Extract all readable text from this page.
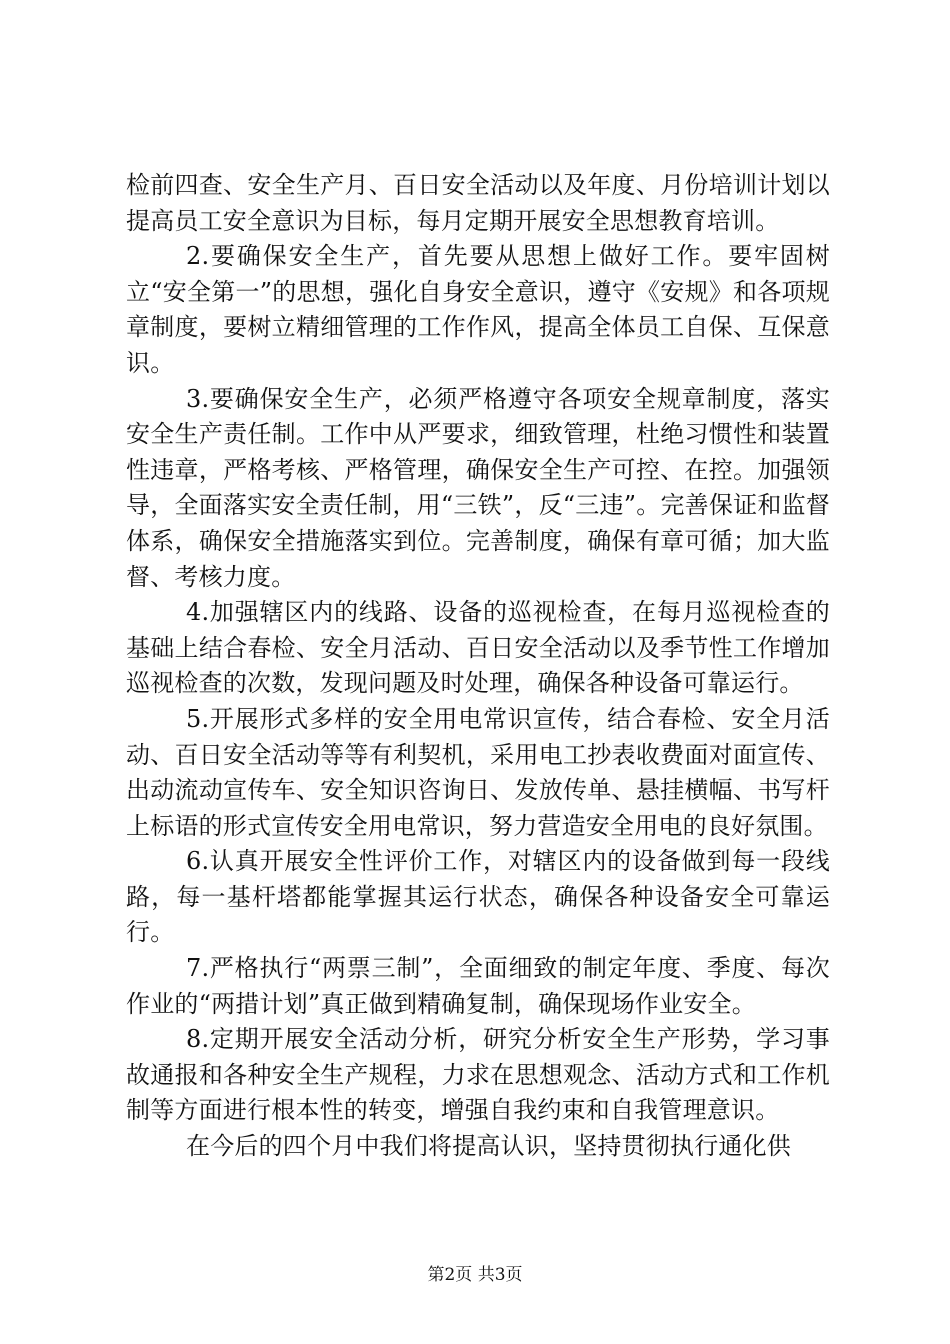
检前四查、安全生产月、百日安全活动以及年度、月份培训计划以提高员工安全意识为目标，每月定期开展安全思想教育培训。

2.要确保安全生产，首先要从思想上做好工作。要牢固树立“安全第一”的思想，强化自身安全意识，遵守《安规》和各项规章制度，要树立精细管理的工作作风，提高全体员工自保、互保意识。

3.要确保安全生产，必须严格遵守各项安全规章制度，落实安全生产责任制。工作中从严要求，细致管理，杜绝习惯性和装置性违章，严格考核、严格管理，确保安全生产可控、在控。加强领导，全面落实安全责任制，用“三铁”，反“三违”。完善保证和监督体系，确保安全措施落实到位。完善制度，确保有章可循；加大监督、考核力度。

4.加强辖区内的线路、设备的巡视检查，在每月巡视检查的基础上结合春检、安全月活动、百日安全活动以及季节性工作增加巡视检查的次数，发现问题及时处理，确保各种设备可靠运行。

5.开展形式多样的安全用电常识宣传，结合春检、安全月活动、百日安全活动等等有利契机，采用电工抄表收费面对面宣传、出动流动宣传车、安全知识咨询日、发放传单、悬挂横幅、书写杆上标语的形式宣传安全用电常识，努力营造安全用电的良好氛围。

6.认真开展安全性评价工作，对辖区内的设备做到每一段线路，每一基杆塔都能掌握其运行状态，确保各种设备安全可靠运行。

7.严格执行“两票三制”，全面细致的制定年度、季度、每次作业的“两措计划”真正做到精确复制，确保现场作业安全。

8.定期开展安全活动分析，研究分析安全生产形势，学习事故通报和各种安全生产规程，力求在思想观念、活动方式和工作机制等方面进行根本性的转变，增强自我约束和自我管理意识。

在今后的四个月中我们将提高认识，坚持贯彻执行通化供

第2页 共3页
